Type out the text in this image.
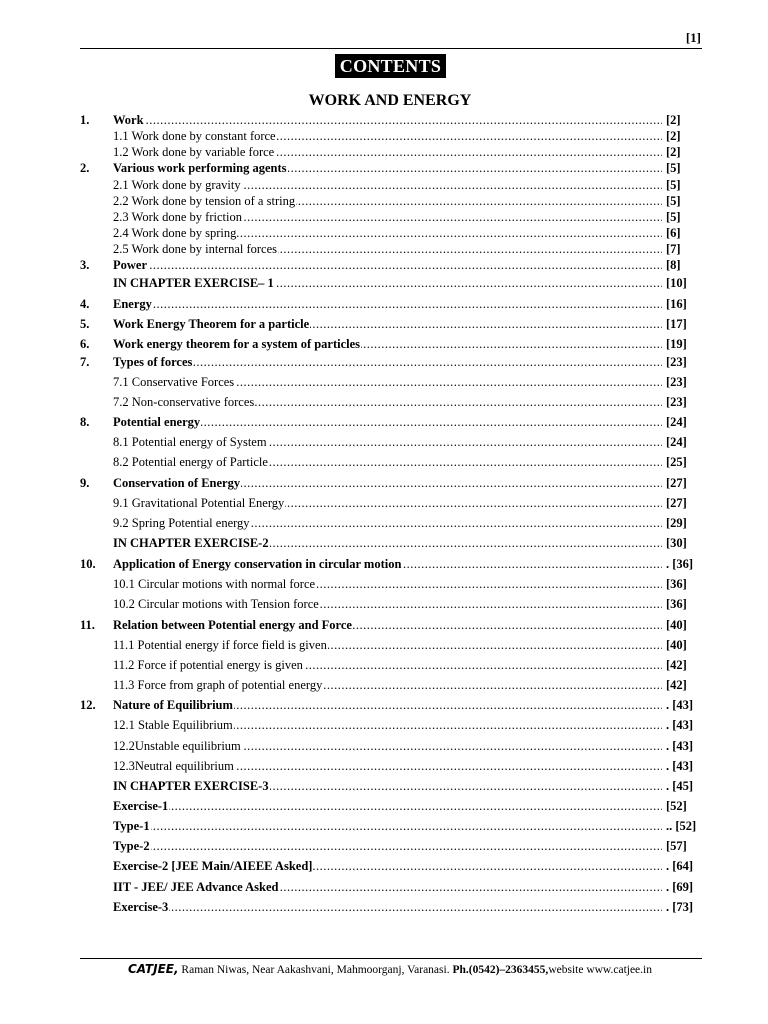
[1]
CONTENTS
WORK AND ENERGY
1. ..... Work	[2]
.....
1.1 Work done by constant force	[2]
.....
1.2 Work done by variable force	[2]
2. ..... Various work performing agents	[5]
.....
2.1 Work done by gravity	[5]
.....
2.2 Work done by tension of a string	[5]
.....
2.3 Work done by friction	[5]
.....
2.4 Work done by spring	[6]
.....
2.5 Work done by internal forces	[7]
3. ..... Power	[8]
.....
IN CHAPTER EXERCISE– 1	[10]
4. ..... Energy	[16]
5. ..... Work Energy Theorem for a particle	[17]
6. ..... Work energy theorem for a system of particles	[19]
7. ..... Types of forces	[23]
.....
7.1 Conservative Forces	[23]
.....
7.2 Non-conservative forces	[23]
8. ..... Potential energy	[24]
.....
8.1 Potential energy of System	[24]
.....
8.2 Potential energy of Particle	[25]
9. ..... Conservation of Energy	[27]
.....
9.1 Gravitational Potential Energy	[27]
.....
9.2 Spring Potential energy	[29]
.....
IN CHAPTER EXERCISE-2	[30]
10. ..... Application of Energy conservation in circular motion	. [36]
.....
10.1 Circular motions with normal force	[36]
.....
10.2 Circular motions with Tension force	[36]
11. ..... Relation between Potential energy and Force	[40]
.....
11.1 Potential energy if force field is given	[40]
.....
11.2 Force if potential energy is given	[42]
.....
11.3 Force from graph of potential energy	[42]
12. ..... Nature of Equilibrium	. [43]
.....
12.1 Stable Equilibrium	. [43]
.....
12.2Unstable equilibrium	. [43]
.....
12.3Neutral equilibrium	. [43]
.....
IN CHAPTER EXERCISE-3	. [45]
.....
Exercise-1	[52]
.....
Type-1	.. [52]
.....
Type-2	[57]
.....
Exercise-2 [JEE Main/AIEEE Asked]	. [64]
.....
IIT - JEE/ JEE Advance Asked	. [69]
.....
Exercise-3	. [73]
CATJEE, Raman Niwas, Near Aakashvani, Mahmoorganj, Varanasi. Ph.(0542)–2363455,website www.catjee.in
